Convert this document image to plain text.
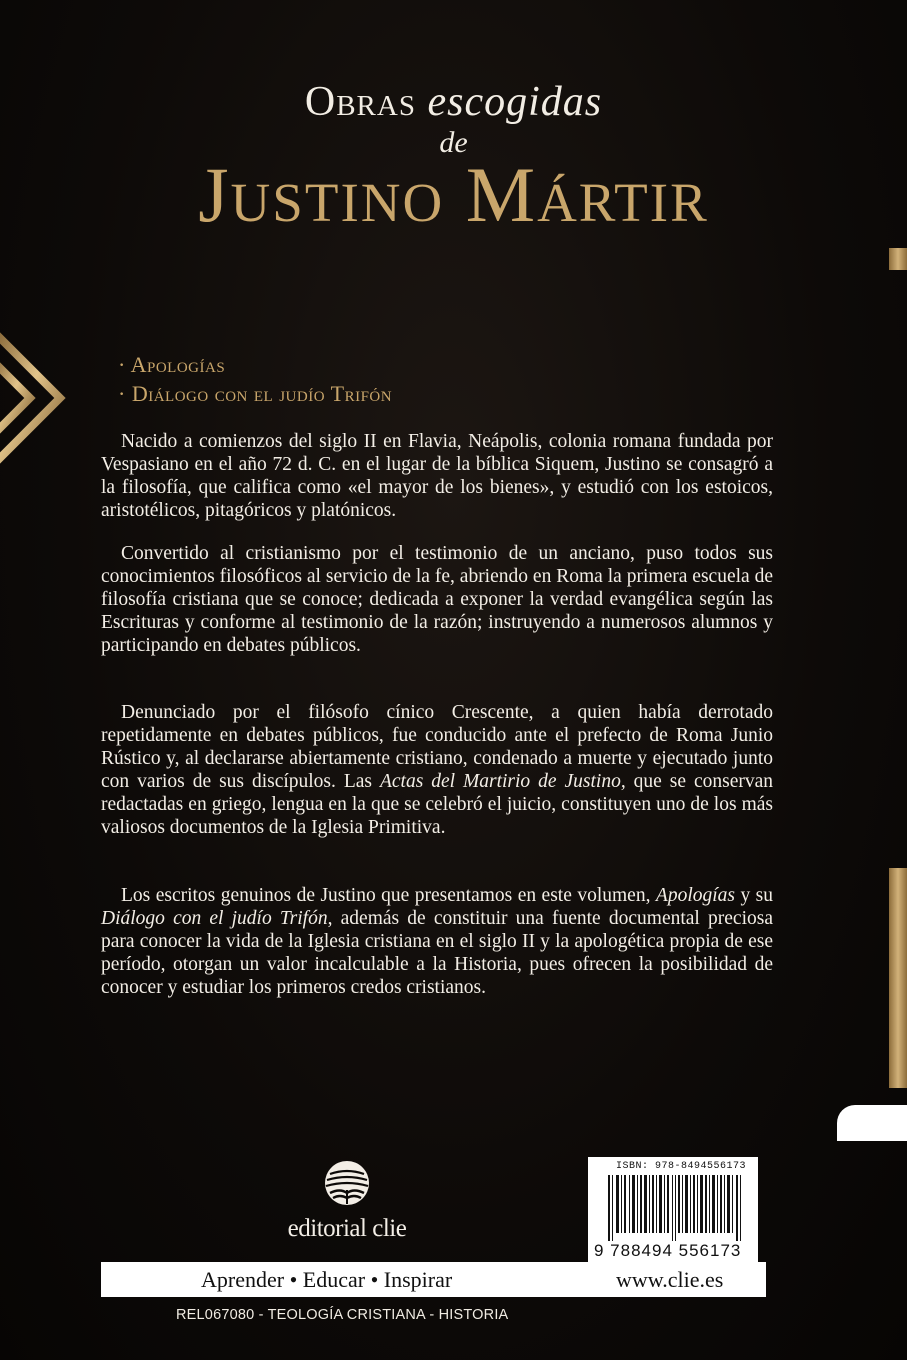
Obras escogidas
de
Justino Mártir
· Apologías
· Diálogo con el judío Trifón

Nacido a comienzos del siglo II en Flavia, Neápolis, colonia romana fundada por Vespasiano en el año 72 d. C. en el lugar de la bíblica Siquem, Justino se consagró a la filosofía, que califica como «el mayor de los bienes», y estudió con los estoicos, aristotélicos, pitagóricos y platónicos.

Convertido al cristianismo por el testimonio de un anciano, puso todos sus conocimientos filosóficos al servicio de la fe, abriendo en Roma la primera escuela de filosofía cristiana que se conoce; dedicada a exponer la verdad evangélica según las Escrituras y conforme al testimonio de la razón; instruyendo a numerosos alumnos y participando en debates públicos.

Denunciado por el filósofo cínico Crescente, a quien había derrotado repetidamente en debates públicos, fue conducido ante el prefecto de Roma Junio Rústico y, al declararse abiertamente cristiano, condenado a muerte y ejecutado junto con varios de sus discípulos. Las Actas del Martirio de Justino, que se conservan redactadas en griego, lengua en la que se celebró el juicio, constituyen uno de los más valiosos documentos de la Iglesia Primitiva.

Los escritos genuinos de Justino que presentamos en este volumen, Apologías y su Diálogo con el judío Trifón, además de constituir una fuente documental preciosa para conocer la vida de la Iglesia cristiana en el siglo II y la apologética propia de ese período, otorgan un valor incalculable a la Historia, pues ofrecen la posibilidad de conocer y estudiar los primeros credos cristianos.

editorial clie
ISBN: 978-8494556173
9 788494 556173
Aprender • Educar • Inspirar	www.clie.es
REL067080 - TEOLOGÍA CRISTIANA - HISTORIA
